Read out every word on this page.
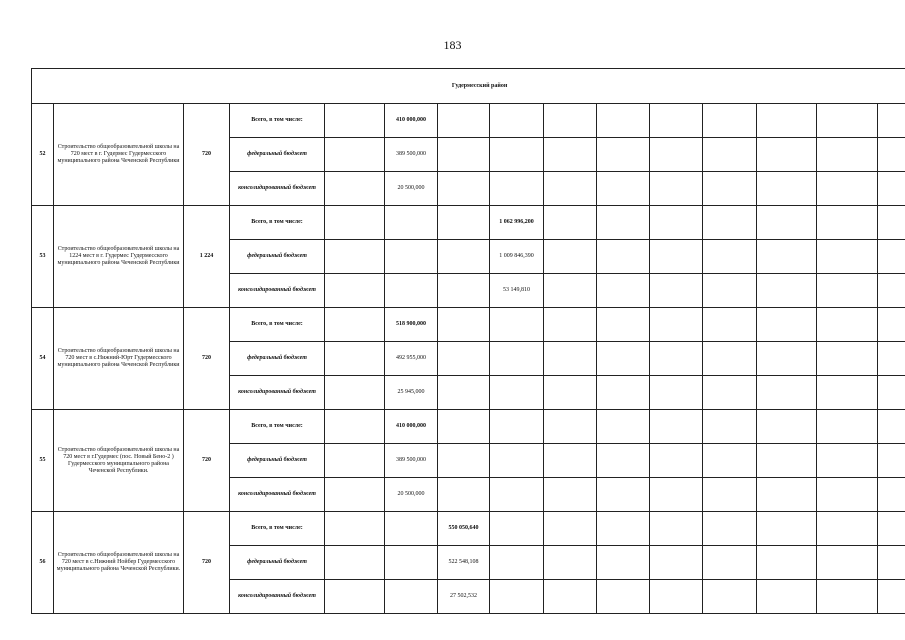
183
Гудермесский район														
52	Строительство общеобразовательной школы на 720 мест в г. Гудермес Гудермесского муниципального района Чеченской Республики	720	Всего, в том числе:		410 000,000									
			федеральный бюджет		389 500,000									
			консолидированный бюджет		20 500,000									
53	Строительство общеобразовательной школы на 1224 мест в г. Гудермес Гудермесского муниципального района Чеченской Республики	1 224	Всего, в том числе:				1 062 996,200							
			федеральный бюджет				1 009 846,390							
			консолидированный бюджет				53 149,810							
54	Строительство общеобразовательной школы на 720 мест в с.Нижний-Юрт Гудермесского муниципального района Чеченской Республики	720	Всего, в том числе:		518 900,000									
			федеральный бюджет		492 955,000									
			консолидированный бюджет		25 945,000									
55	Строительство общеобразовательной школы на 720 мест в г.Гудермес (пос. Новый Бено-2 ) Гудермесского муниципального района Чеченской Республики.	720	Всего, в том числе:		410 000,000									
			федеральный бюджет		389 500,000									
			консолидированный бюджет		20 500,000									
56	Строительство общеобразовательной школы на 720 мест в с.Нижний Нойбер Гудермесского муниципального района Чеченской Республики.	720	Всего, в том числе:			550 050,640								
			федеральный бюджет			522 548,108								
			консолидированный бюджет			27 502,532								
